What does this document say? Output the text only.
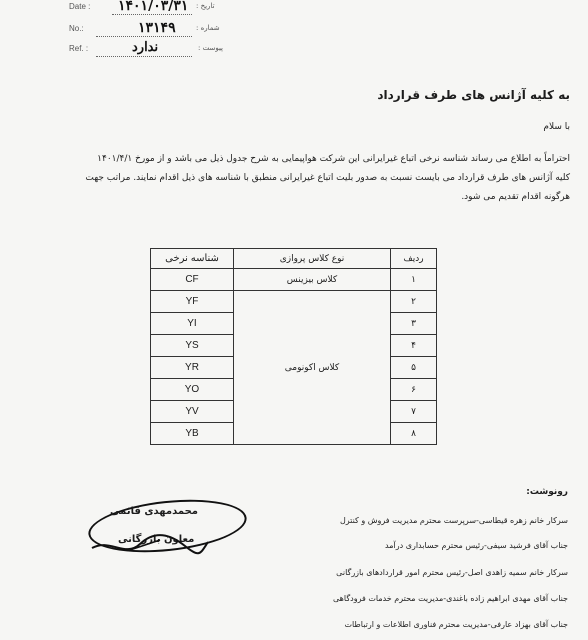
Date : ۱۴۰۱/۰۳/۳۱ تاریخ :
No.:	۱۳۱۴۹	شماره :
Ref. :	ندارد	پیوست :
به کلیه آژانس های طرف قرارداد
با سلام
احتراماً به اطلاع می رساند شناسه نرخی اتباع غیرایرانی این شرکت هواپیمایی به شرح جدول ذیل می باشد و از مورخ ۱۴۰۱/۴/۱
کلیه آژانس های طرف قرارداد می بایست نسبت به صدور بلیت اتباع غیرایرانی منطبق با شناسه های ذیل اقدام نمایند. مراتب جهت
هرگونه اقدام تقدیم می شود.
ردیف	نوع کلاس پروازی	شناسه نرخی
۱	کلاس بیزینس	CF
۲	کلاس اکونومی	YF
۳		YI
۴		YS
۵		YR
۶		YO
۷		YV
۸		YB
رونوشت:
سرکار خانم زهره قیطاسی-سرپرست محترم مدیریت فروش و کنترل
جناب آقای فرشید سیفی-رئیس محترم حسابداری درآمد
سرکار خانم سمیه زاهدی اصل-رئیس محترم امور قراردادهای بازرگانی
جناب آقای مهدی ابراهیم زاده باغندی-مدیریت محترم خدمات فرودگاهی
جناب آقای بهزاد عارفی-مدیریت محترم فناوری اطلاعات و ارتباطات
محمدمهدی قائمی
معاون بازرگانی
